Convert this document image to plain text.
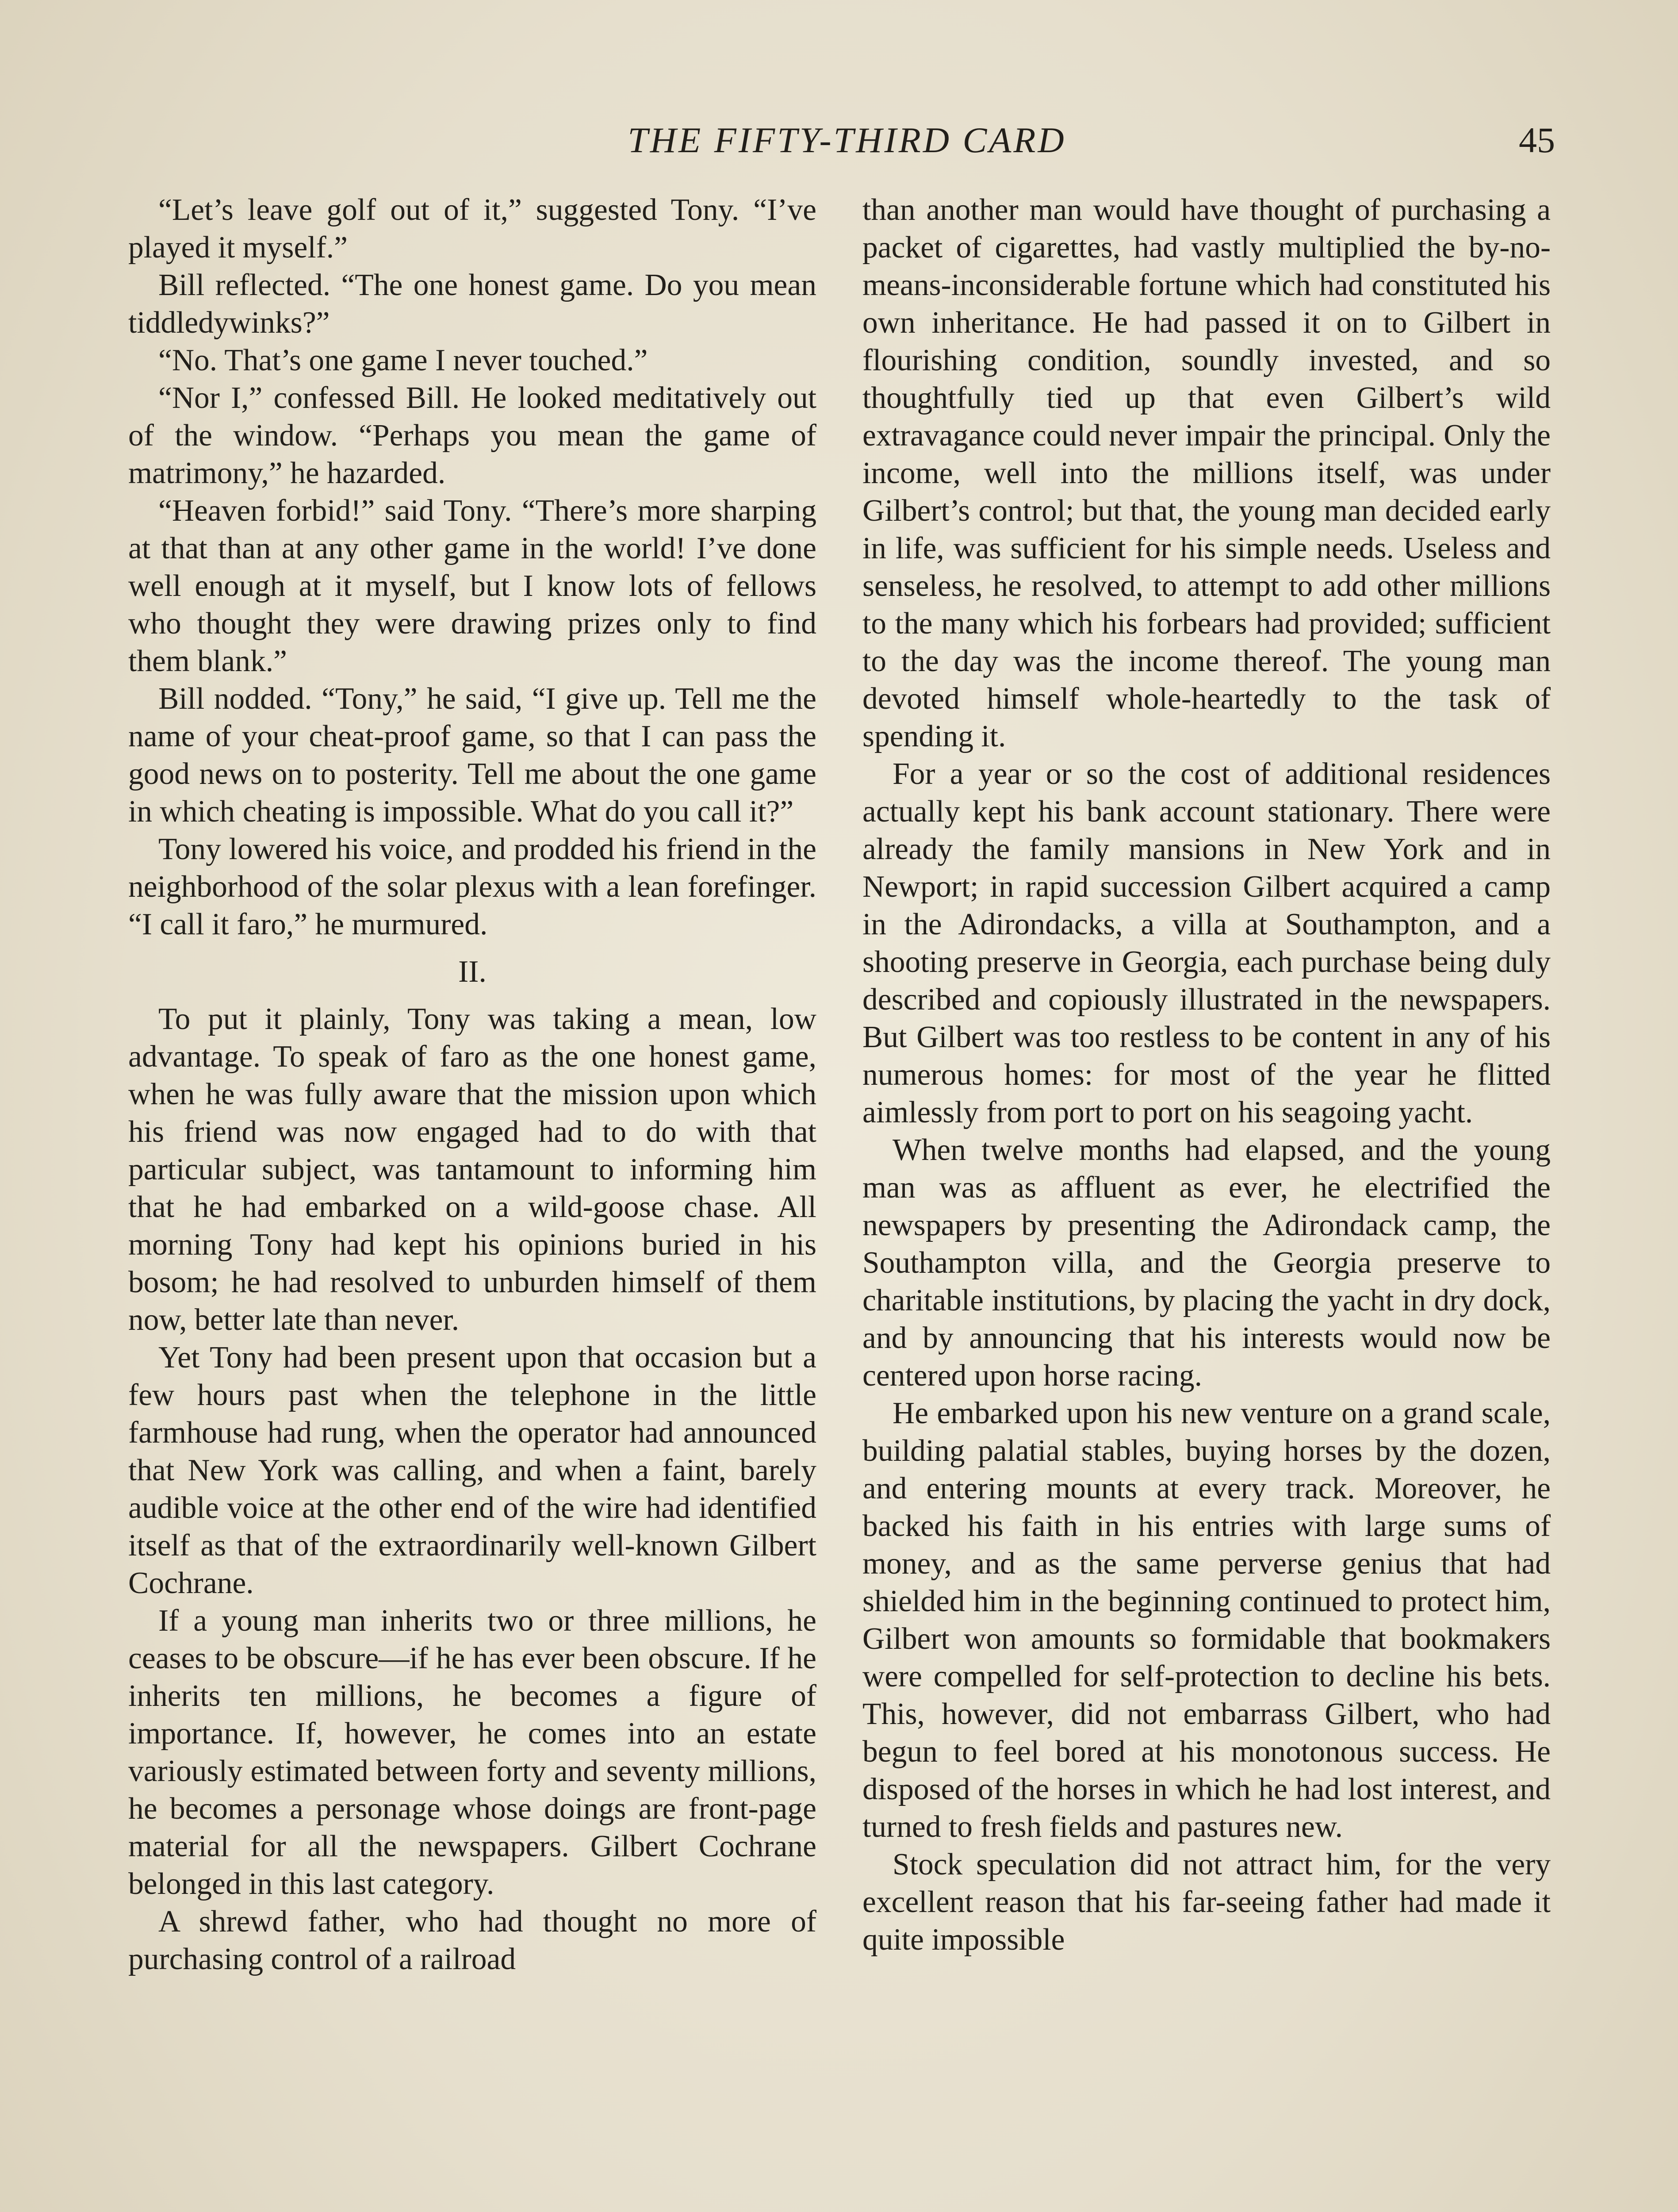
THE FIFTY-THIRD CARD	45

“Let’s leave golf out of it,” suggested Tony. “I’ve played it myself.”

Bill reflected. “The one honest game. Do you mean tiddledywinks?”

“No. That’s one game I never touched.”

“Nor I,” confessed Bill. He looked meditatively out of the window. “Perhaps you mean the game of matrimony,” he hazarded.

“Heaven forbid!” said Tony. “There’s more sharping at that than at any other game in the world! I’ve done well enough at it myself, but I know lots of fellows who thought they were drawing prizes only to find them blank.”

Bill nodded. “Tony,” he said, “I give up. Tell me the name of your cheat-proof game, so that I can pass the good news on to posterity. Tell me about the one game in which cheating is impossible. What do you call it?”

Tony lowered his voice, and prodded his friend in the neighborhood of the solar plexus with a lean forefinger. “I call it faro,” he murmured.

II.

To put it plainly, Tony was taking a mean, low advantage. To speak of faro as the one honest game, when he was fully aware that the mission upon which his friend was now engaged had to do with that particular subject, was tantamount to informing him that he had embarked on a wild-goose chase. All morning Tony had kept his opinions buried in his bosom; he had resolved to unburden himself of them now, better late than never.

Yet Tony had been present upon that occasion but a few hours past when the telephone in the little farmhouse had rung, when the operator had announced that New York was calling, and when a faint, barely audible voice at the other end of the wire had identified itself as that of the extraordinarily well-known Gilbert Cochrane.

If a young man inherits two or three millions, he ceases to be obscure—if he has ever been obscure. If he inherits ten millions, he becomes a figure of importance. If, however, he comes into an estate variously estimated between forty and seventy millions, he becomes a personage whose doings are front-page material for all the newspapers. Gilbert Cochrane belonged in this last category.

A shrewd father, who had thought no more of purchasing control of a railroad

than another man would have thought of purchasing a packet of cigarettes, had vastly multiplied the by-no-means-inconsiderable fortune which had constituted his own inheritance. He had passed it on to Gilbert in flourishing condition, soundly invested, and so thoughtfully tied up that even Gilbert’s wild extravagance could never impair the principal. Only the income, well into the millions itself, was under Gilbert’s control; but that, the young man decided early in life, was sufficient for his simple needs. Useless and senseless, he resolved, to attempt to add other millions to the many which his forbears had provided; sufficient to the day was the income thereof. The young man devoted himself whole-heartedly to the task of spending it.

For a year or so the cost of additional residences actually kept his bank account stationary. There were already the family mansions in New York and in Newport; in rapid succession Gilbert acquired a camp in the Adirondacks, a villa at Southampton, and a shooting preserve in Georgia, each purchase being duly described and copiously illustrated in the newspapers. But Gilbert was too restless to be content in any of his numerous homes: for most of the year he flitted aimlessly from port to port on his seagoing yacht.

When twelve months had elapsed, and the young man was as affluent as ever, he electrified the newspapers by presenting the Adirondack camp, the Southampton villa, and the Georgia preserve to charitable institutions, by placing the yacht in dry dock, and by announcing that his interests would now be centered upon horse racing.

He embarked upon his new venture on a grand scale, building palatial stables, buying horses by the dozen, and entering mounts at every track. Moreover, he backed his faith in his entries with large sums of money, and as the same perverse genius that had shielded him in the beginning continued to protect him, Gilbert won amounts so formidable that bookmakers were compelled for self-protection to decline his bets. This, however, did not embarrass Gilbert, who had begun to feel bored at his monotonous success. He disposed of the horses in which he had lost interest, and turned to fresh fields and pastures new.

Stock speculation did not attract him, for the very excellent reason that his far-seeing father had made it quite impossible
